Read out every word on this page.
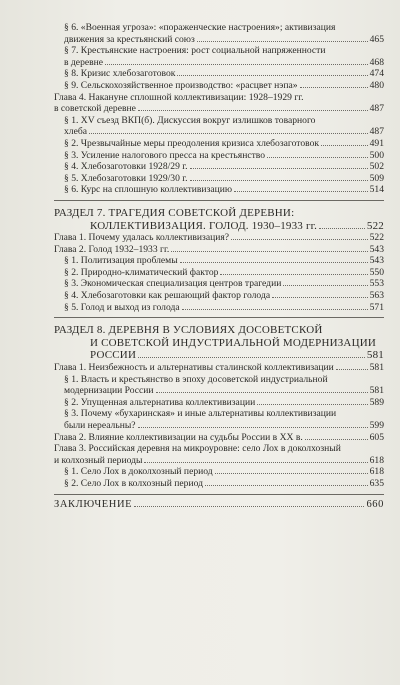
§ 6. «Военная угроза»: «пораженческие настроения»; активизация
движения за крестьянский союз	465
§ 7. Крестьянские настроения: рост социальной напряженности
в деревне	468
§ 8. Кризис хлебозаготовок	474
§ 9. Сельскохозяйственное производство: «расцвет нэпа»	480
Глава 4. Накануне сплошной коллективизации: 1928–1929 гг.
в советской деревне	487
§ 1. XV съезд ВКП(б). Дискуссия вокруг излишков товарного
хлеба	487
§ 2. Чрезвычайные меры преодоления кризиса хлебозаготовок	491
§ 3. Усиление налогового пресса на крестьянство	500
§ 4. Хлебозаготовки 1928/29 г.	502
§ 5. Хлебозаготовки 1929/30 г.	509
§ 6. Курс на сплошную коллективизацию	514
РАЗДЕЛ 7. ТРАГЕДИЯ СОВЕТСКОЙ ДЕРЕВНИ:
КОЛЛЕКТИВИЗАЦИЯ. ГОЛОД. 1930–1933 гг.	522
Глава 1. Почему удалась коллективизация?	522
Глава 2. Голод 1932–1933 гг.	543
§ 1. Политизация проблемы	543
§ 2. Природно-климатический фактор	550
§ 3. Экономическая специализация центров трагедии	553
§ 4. Хлебозаготовки как решающий фактор голода	563
§ 5. Голод и выход из голода	571
РАЗДЕЛ 8. ДЕРЕВНЯ В УСЛОВИЯХ ДОСОВЕТСКОЙ
И СОВЕТСКОЙ ИНДУСТРИАЛЬНОЙ МОДЕРНИЗАЦИИ
РОССИИ	581
Глава 1. Неизбежность и альтернативы сталинской коллективизации	581
§ 1. Власть и крестьянство в эпоху досоветской индустриальной
модернизации России	581
§ 2. Упущенная альтернатива коллективизации	589
§ 3. Почему «бухаринская» и иные альтернативы коллективизации
были нереальны?	599
Глава 2. Влияние коллективизации на судьбы России в XX в.	605
Глава 3. Российская деревня на микроуровне: село Лох в доколхозный
и колхозный периоды	618
§ 1. Село Лох в доколхозный период	618
§ 2. Село Лох в колхозный период	635
ЗАКЛЮЧЕНИЕ	660
